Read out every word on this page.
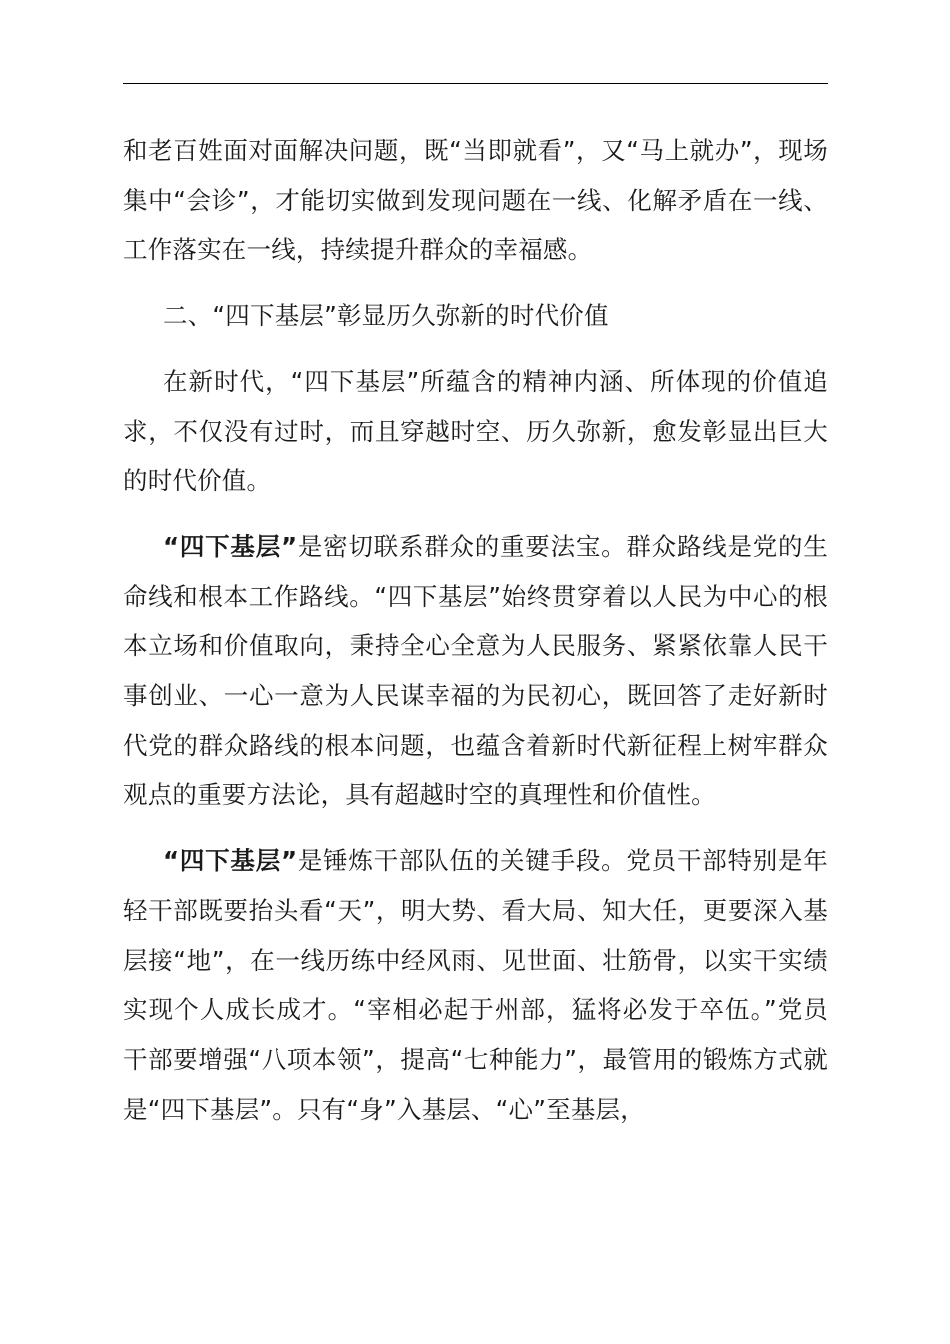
和老百姓面对面解决问题，既“当即就看”，又“马上就办”，现场集中“会诊”，才能切实做到发现问题在一线、化解矛盾在一线、工作落实在一线，持续提升群众的幸福感。

二、“四下基层”彰显历久弥新的时代价值

在新时代，“四下基层”所蕴含的精神内涵、所体现的价值追求，不仅没有过时，而且穿越时空、历久弥新，愈发彰显出巨大的时代价值。

“四下基层”是密切联系群众的重要法宝。群众路线是党的生命线和根本工作路线。“四下基层”始终贯穿着以人民为中心的根本立场和价值取向，秉持全心全意为人民服务、紧紧依靠人民干事创业、一心一意为人民谋幸福的为民初心，既回答了走好新时代党的群众路线的根本问题，也蕴含着新时代新征程上树牢群众观点的重要方法论，具有超越时空的真理性和价值性。

“四下基层”是锤炼干部队伍的关键手段。党员干部特别是年轻干部既要抬头看“天”，明大势、看大局、知大任，更要深入基层接“地”，在一线历练中经风雨、见世面、壮筋骨，以实干实绩实现个人成长成才。“宰相必起于州部，猛将必发于卒伍。”党员干部要增强“八项本领”，提高“七种能力”，最管用的锻炼方式就是“四下基层”。只有“身”入基层、“心”至基层，
